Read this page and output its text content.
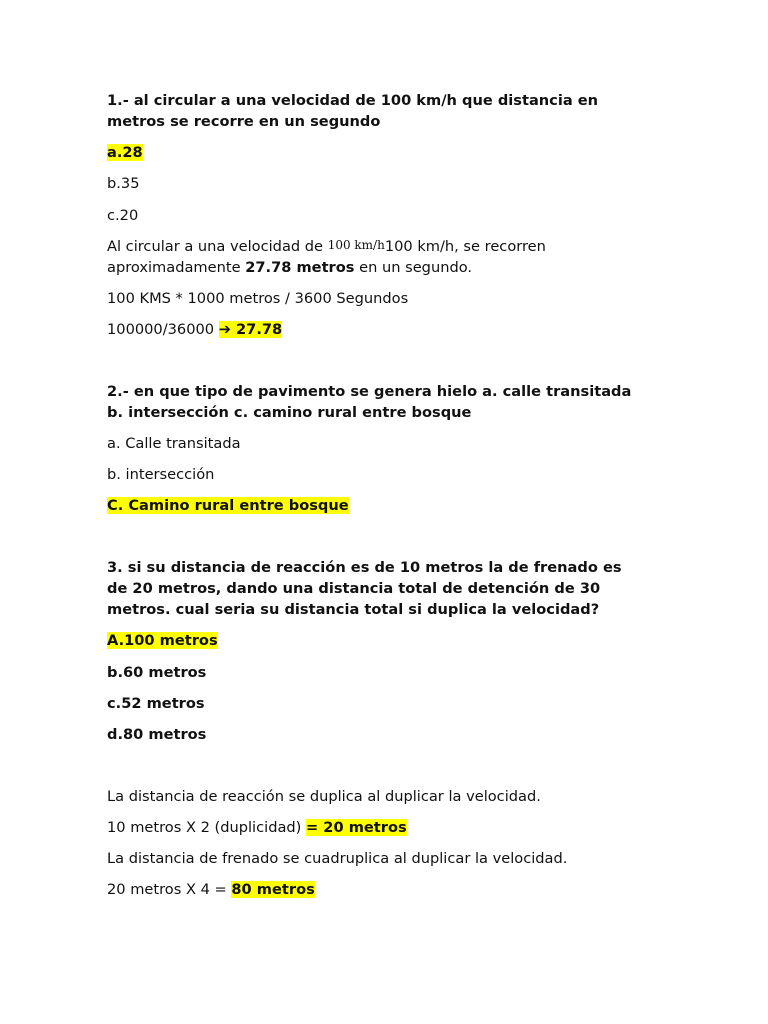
1.- al circular a una velocidad de 100 km/h que distancia en
metros se recorre en un segundo
a.28
b.35
c.20
Al circular a una velocidad de 100 km/h100 km/h, se recorren
aproximadamente 27.78 metros en un segundo.
100 KMS * 1000 metros / 3600 Segundos
100000/36000 ➔ 27.78
2.- en que tipo de pavimento se genera hielo a. calle transitada
b. intersección c. camino rural entre bosque
a. Calle transitada
b. intersección
C. Camino rural entre bosque
3. si su distancia de reacción es de 10 metros la de frenado es
de 20 metros, dando una distancia total de detención de 30
metros. cual seria su distancia total si duplica la velocidad?
A.100 metros
b.60 metros
c.52 metros
d.80 metros
La distancia de reacción se duplica al duplicar la velocidad.
10 metros X 2 (duplicidad) = 20 metros
La distancia de frenado se cuadruplica al duplicar la velocidad.
20 metros X 4 = 80 metros
